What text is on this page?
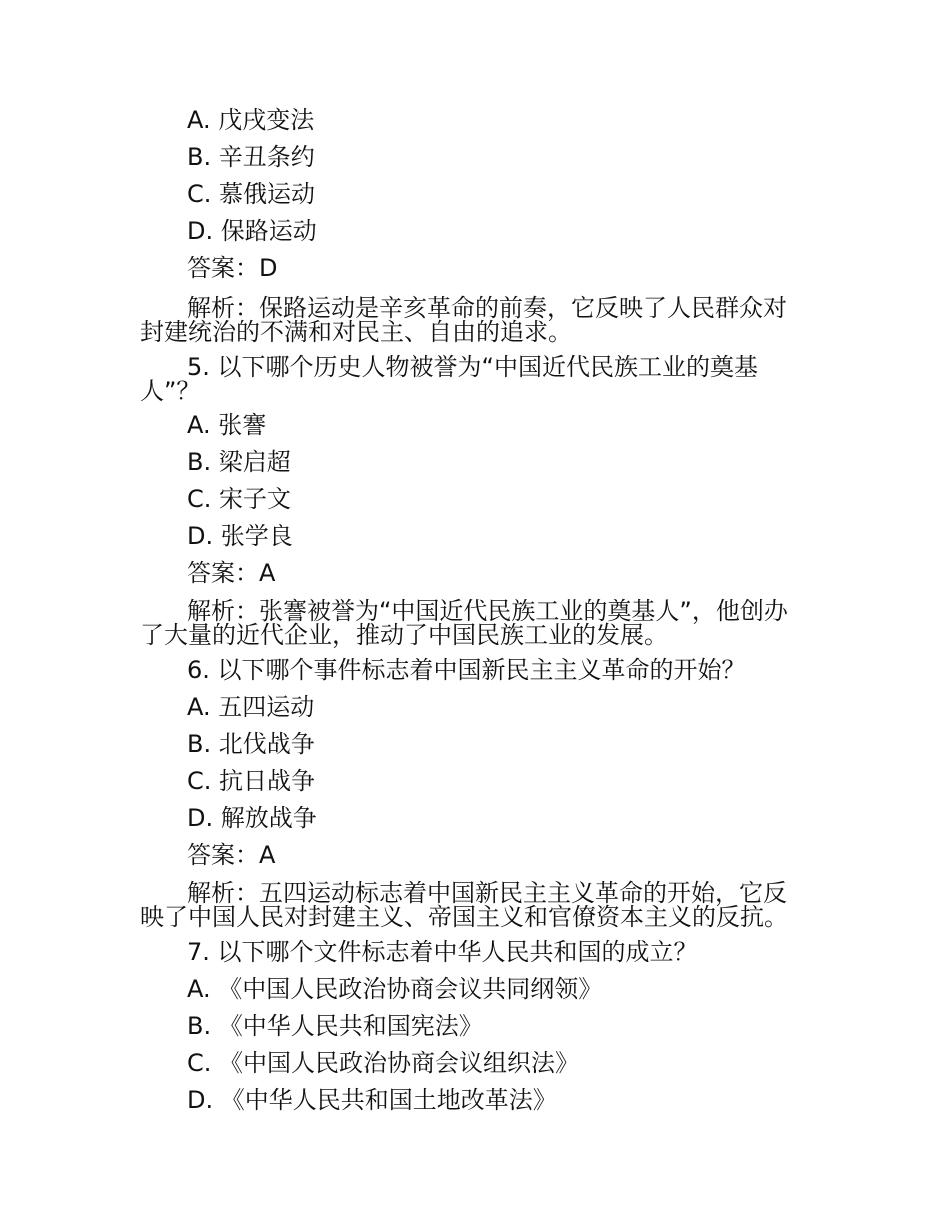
A. 戊戌变法
B. 辛丑条约
C. 慕俄运动
D. 保路运动
答案：D
解析：保路运动是辛亥革命的前奏，它反映了人民群众对封建统治的不满和对民主、自由的追求。
5. 以下哪个历史人物被誉为“中国近代民族工业的奠基人”？
A. 张謇
B. 梁启超
C. 宋子文
D. 张学良
答案：A
解析：张謇被誉为“中国近代民族工业的奠基人”，他创办了大量的近代企业，推动了中国民族工业的发展。
6. 以下哪个事件标志着中国新民主主义革命的开始？
A. 五四运动
B. 北伐战争
C. 抗日战争
D. 解放战争
答案：A
解析：五四运动标志着中国新民主主义革命的开始，它反映了中国人民对封建主义、帝国主义和官僚资本主义的反抗。
7. 以下哪个文件标志着中华人民共和国的成立？
A. 《中国人民政治协商会议共同纲领》
B. 《中华人民共和国宪法》
C. 《中国人民政治协商会议组织法》
D. 《中华人民共和国土地改革法》
